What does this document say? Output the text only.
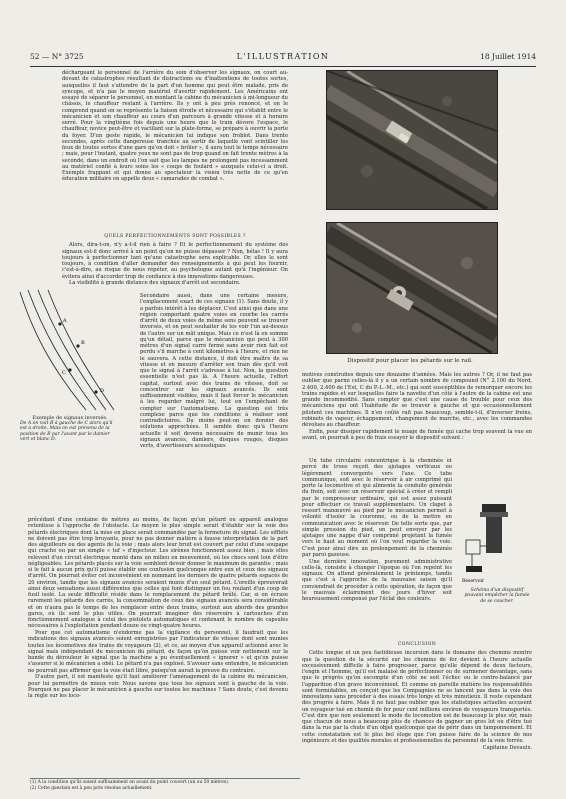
52 — N° 3725	L'ILLUSTRATION	18 Juillet 1914

déchargeant le personnel de l'arrière du soin d'observer les signaux, on court au-devant de catastrophes résultant de distractions ou d'inattentions de toutes sortes, auxquelles il faut s'attendre de la part d'un homme qui peut être malade, pris de syncope, et n'a pas le moyen matériel d'avertir rapidement. Les Américains ont essayé de séparer le personnel, en montant la cabine du mécanicien à mi-longueur du châssis, le chauffeur restant à l'arrière. Ils y ont à peu près renoncé, et on le comprend quand on se représente la liaison étroite et nécessaire qui s'établit entre le mécanicien et son chauffeur au cours d'un parcours à grande vitesse et à horaire serré. Pour la vingtième fois depuis une heure que le train dévore l'espace, le chauffeur, novice peut-être et vacillant sur la plate-forme, se prépare à ouvrir la porte du foyer. D'un geste rapide, le mécanicien lui indique son froblot. Dans trente secondes, après cette dangereuse tranchée au sortir de laquelle vont scintiller les feux de toutes sortes d'une gare qu'on doit « brûler », il aura tout le temps nécessaire ; mais, pour l'instant, quatre yeux ne sont pas de trop quand on fait trente mètres à la seconde, dans un endroit où l'on sait que les lampes ne prolongent pas incessamment au matériel confié à leurs soins les « coups de foulard » auxquels celui-ci a droit. Exemple frappant et qui donne au spectateur la vision très nette de ce qu'en éducation militaire on appelle deux « camarades de combat ».

QUELS PERFECTIONNEMENTS SONT POSSIBLES ?

Alors, dira-t-on, n'y a-t-il rien à faire ? Et le perfectionnement du système des signaux est-il donc arrivé à un point qu'on ne puisse dépasser ? Non, hélas ! Il y aura toujours à perfectionner tant qu'une catastrophe sera explicable. Or, elles le sont toujours, à condition d'aller demander des renseignements à qui peut les fournir, c'est-à-dire, au risque de nous répéter, au psychologue autant qu'à l'ingénieur. On évitera ainsi d'accorder trop de confiance à des innovations dangereuses.

La visibilité à grande distance des signaux d'arrêt est secondaire.

A
B
C
D
Exemple de signaux inversés.
De A on voit B à gauche de C alors qu'il est à droite. Mais on est prévenu de la position de B par l'avant par le damier vert et blanc D.

Secondaire aussi, dans une certaine mesure, l'emplacement exact de ces signaux (1). Sans doute, il y a parfois intérêt à les déplacer. C'est ainsi que dans une région comportant quatre voies en courbe les carrés d'arrêt de deux voies de même sens peuvent se trouver inversés, et on peut souhaiter de les voir l'un au-dessus de l'autre sur un mât unique. Mais ce n'est là en somme qu'un détail, parce que le mécanicien qui peut à 300 mètres d'un signal carré fermé sans avoir rien fait est perdu s'il marche à cent kilomètres à l'heure, et rien ne le sauvera. A cette distance, il doit être maître de sa vitesse et en mesure d'arrêter son train dès qu'il voit que le signal à l'arrêt s'adresse à lui. Non, la question essentielle n'est pas là. A l'heure actuelle, l'effort capital, surtout avec des trains de vitesse, doit se concentrer sur les signaux avancés. Ils sont suffisamment visibles, mais il faut forcer le mécanicien à les regarder malgré lui, tout en l'empêchant de compter sur l'automatisme. La question est très complexe parce que les conditions à réaliser sont contradictoires. Du moins peut-on en donner des solutions approchées. Il semble donc qu'à l'heure actuelle il soit devenu nécessaire de munir tous les signaux avancés, damiers, disques rouges, disques verts, d'avertisseurs acoustiques

précédant d'une centaine de mètres au moins, de façon qu'un pétard ou appareil analogue retentisse à l'approche de l'obstacle. Le moyen le plus simple serait d'établir sur la voie des pétards électriques dont la mise en place serait commandée par la fermeture du signal. Les sifflets ne doivent pas être trop bruyants, pour ne pas donner matière à fausse interprétation de la part des aiguilleurs ou des agents de la voie ; mais alors leur bruit est couvert par celui d'une soupape qui crache ou par un simple « tuf » d'injecteur. Les sirènes fonctionnent assez bien ; mais elles relèvent d'un circuit électrique monté dans un milieu en mouvement, où les chocs sont loin d'être négligeables. Les pétards placés sur la voie semblent devoir donner le maximum de garantie ; mais si le fait à aucun prix qu'il puisse établir une confusion quelconque entre eux et ceux des signaux d'arrêt. On pourrait éviter cet inconvénient en nommant les derniers de quatre pétards espacés de 20 environ, tandis que les signaux avancés seraient munis d'un seul pétard. L'oreille éprouverait ainsi deux sensations aussi différentes que celles qui font distinguer un feu roulant d'un coup de fusil isolé. La seule difficulté réside dans le remplacement du pétard brûlé. Car, si on écrase rarement les pétards des carrés, la consommation de ceux des signaux avancés sera considérable et on n'aura pas le temps de les remplacer entre deux trains, surtout aux abords des grandes gares, où ils sont le plus utiles. On pourrait imaginer des réservoirs à cartouches d'un fonctionnement analogue à celui des pistolets automatiques et contenant le nombre de capsules nécessaires à l'exploitation pendant douze ou vingt-quatre heures.

Pour que cet automatisme n'endorme pas la vigilance du personnel, il faudrait que les indications des signaux avancés soient enregistrées par l'indicateur de vitesse dont sont munies toutes les locomotives des trains de voyageurs (2), et ce, au moyen d'un appareil actionné avec le signal mais indépendant du mécanicien du pétard, de façon qu'on puisse voir nettement sur la bande du dérouleur le signal que la machine a pu éventuellement « ignorer » et qu'on puisse s'assurer si le mécanicien a obéi. Le pétard n'a pas explosé. S'avouer sans entendre, le mécanicien ne pourrait pas affirmer que la voie était libre, puisqu'on aurait la preuve du contraire.

D'autre part, il est manifeste qu'il faut améliorer l'aménagement de la cabine du mécanicien, pour lui permettre de mieux voir. Nous savons que tous les signaux sont à gauche de la voie. Pourquoi ne pas placer le mécanicien à gauche sur toutes les machines ? Sans doute, c'est devenu la règle sur les loco-

(1) A la condition qu'ils soient suffisamment en avant du point couvert (un ou 50 mètres).
(2) Cette question est à peu près résolue actuellement.
Dispositif pour placer les pétards sur le rail.

motives construites depuis une douzaine d'années. Mais les autres ? Or, il ne faut pas oublier que parmi celles-là il y a un certain nombre de compound (N° 2.100 du Nord, 2.400, 2.400 de l'Est, C du P.-L.-M., etc.) qui sont susceptibles de remorquer encore les trains rapides et sur lesquelles faire la navette d'un côté à l'autre de la cabine est une grande incommodité. Sans compter que c'est une cause de trouble pour ceux des mécaniciens qui ont l'habitude de se trouver à gauche et qui occasionnellement pilotent ces machines. Il n'en coûte rait pas beaucoup, semble-t-il, d'inverser freins, robinets de vapeur, échappement, changement de marche, etc., avec les commandes dévolues au chauffeur.

Enfin, pour dissiper rapidement le nuage de fumée qui cache trop souvent la vue en avant, on pourrait à peu de frais essayer le dispositif suivant :

Un tube circulaire concentrique à la cheminée et percé de trous reçoit des ajutages verticaux ou légèrement convergents vers l'axe. Ce tube communique, soit avec le réservoir à air comprimé qui porte la locomotive et qui alimente la conduite générale du frein, soit avec un réservoir spécial à créer et rempli par le compresseur ordinaire, qui est assez puissant pour effectuer ce travail supplémentaire. Un clapet à ressort manœuvré au pied par le mécanicien permet à volonté d'isoler la couronne, ou de la mettre en communication avec le réservoir. De telle sorte que, par simple pression du pied, on peut envoyer par les ajutages une nappe d'air comprimé projetant la fumée vers le haut au moment où l'on veut regarder la voie. C'est pour ainsi dire un prolongement de la cheminée par paroi gazeuse.

Une dernière innovation, purement administrative celle-là, consiste à changer l'époque où l'on repeint les signaux. On attend généralement le printemps, tandis que c'est à l'approche de la mauvaise saison qu'il conviendrait de procéder à cette opération, de façon que le mauvais éclairement des jours d'hiver soit heureusement compensé par l'éclat des couleurs.

Réservoir
Schéma d'un dispositif pouvant empêcher la fumée de se coucher.

CONCLUSION

Cette longue et un peu fastidieuse incursion dans le domaine des chemins montre que la question de la sécurité sur les chemins de fer devient à l'heure actuelle excessivement difficile à faire progresser, parce qu'elle dépend de deux facteurs, l'engin et l'homme, qu'il est malaisé de perfectionner ou de surmener davantage, sans que le progrès qu'on escompte d'un côté ne soit l'échec ou le contre-balancé par l'apparition d'un grave inconvénient. Et comme on pareille matière les responsabilités sont formidables, on conçoit que les Compagnies ne se lancent pas dans la voie des innovations sans procéder à des essais très longs et très minutieux. Il reste cependant des progrès à faire. Mais il ne faut pas oublier que les statistiques actuelles accusent un voyageur tué en chemin de fer pour cent millions environ de voyageurs transportés. C'est dire que non seulement le mode de locomotion est de beaucoup le plus sûr, mais que chacun de nous a beaucoup plus de chances de gagner un gros lot ou d'être tué dans la rue par la chute d'un objet quelconque que de périr dans un tamponnement. Et cette constatation est le plus bel éloge que l'on puisse faire de la science de nos ingénieurs et des qualités morales et professionnelles du personnel de la voie ferrée.

Capitaine Devaulx.
